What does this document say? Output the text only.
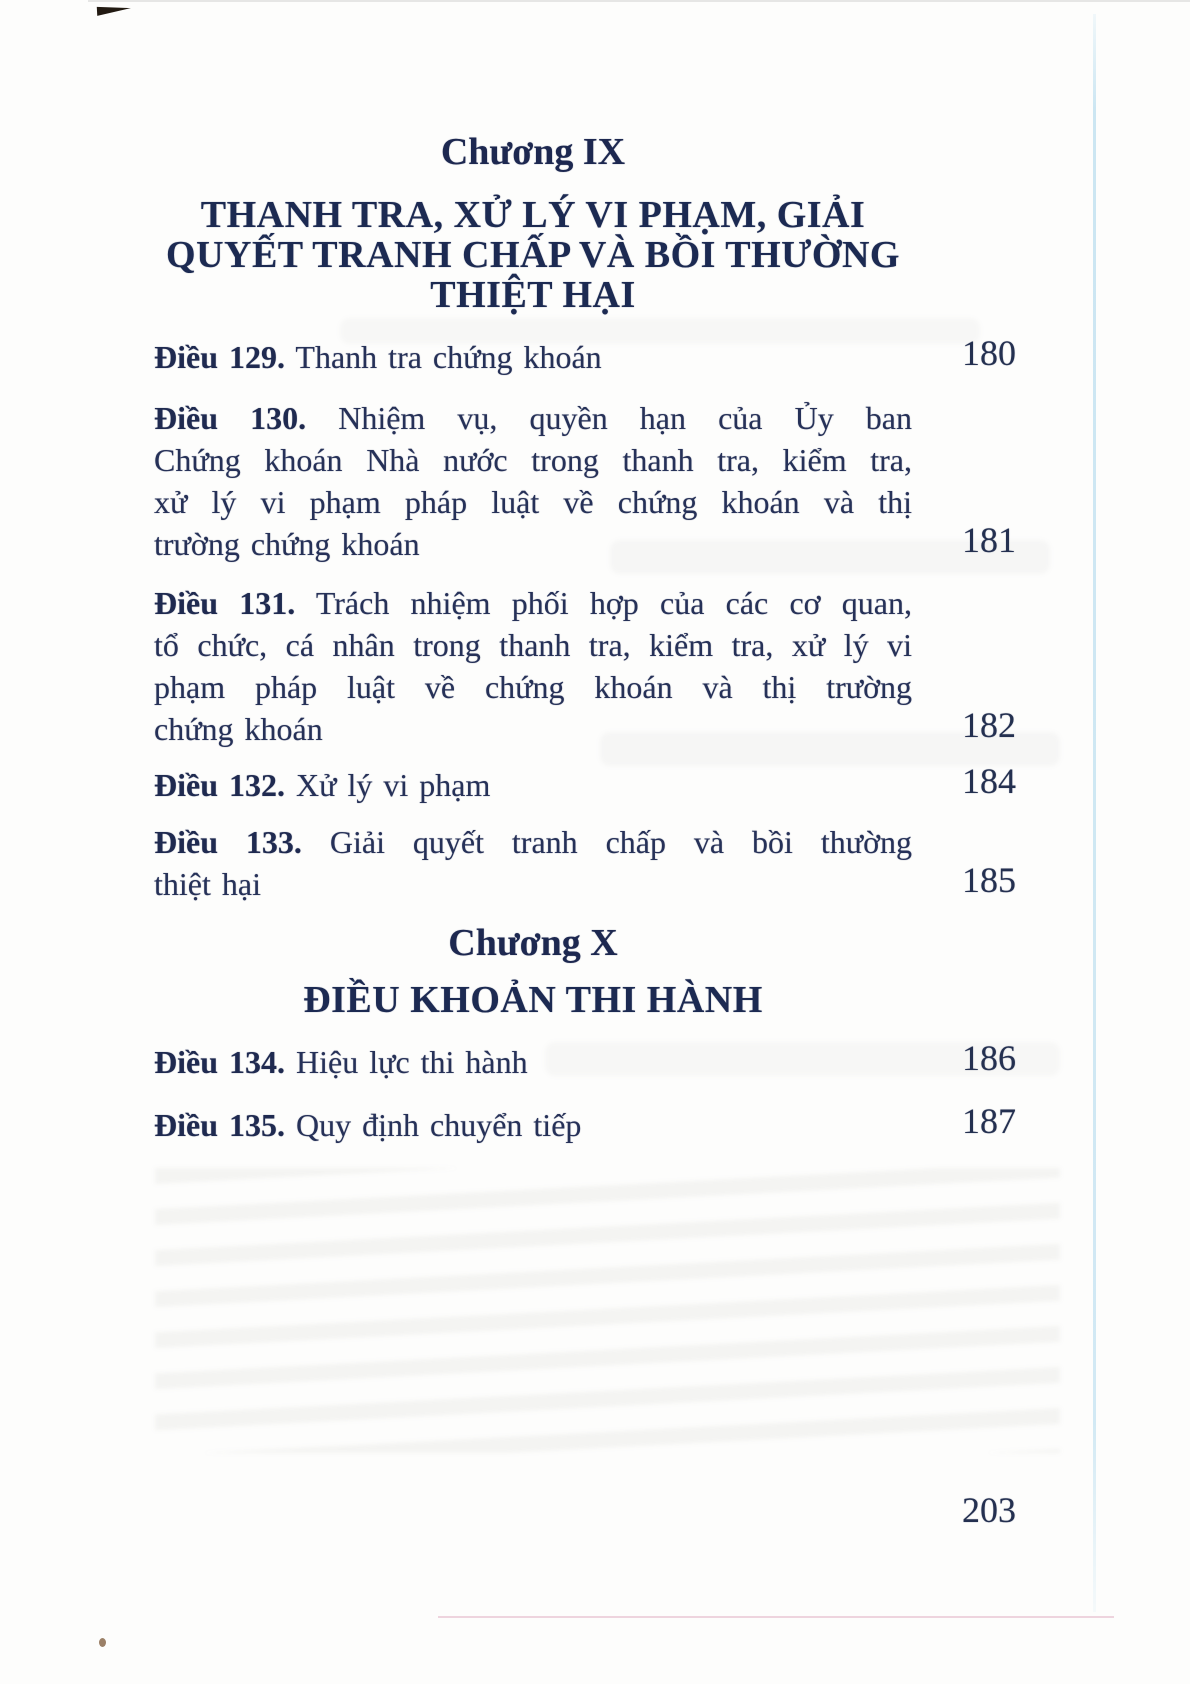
Chương IX
THANH TRA, XỬ LÝ VI PHẠM, GIẢI
QUYẾT TRANH CHẤP VÀ BỒI THƯỜNG
THIỆT HẠI
Điều 129. Thanh tra chứng khoán	180
Điều 130. Nhiệm vụ, quyền hạn của Ủy ban
Chứng khoán Nhà nước trong thanh tra, kiểm tra,
xử lý vi phạm pháp luật về chứng khoán và thị
trường chứng khoán	181
Điều 131. Trách nhiệm phối hợp của các cơ quan,
tổ chức, cá nhân trong thanh tra, kiểm tra, xử lý vi
phạm pháp luật về chứng khoán và thị trường
chứng khoán	182
Điều 132. Xử lý vi phạm	184
Điều 133. Giải quyết tranh chấp và bồi thường
thiệt hại	185
Chương X
ĐIỀU KHOẢN THI HÀNH
Điều 134. Hiệu lực thi hành	186
Điều 135. Quy định chuyển tiếp	187
203
